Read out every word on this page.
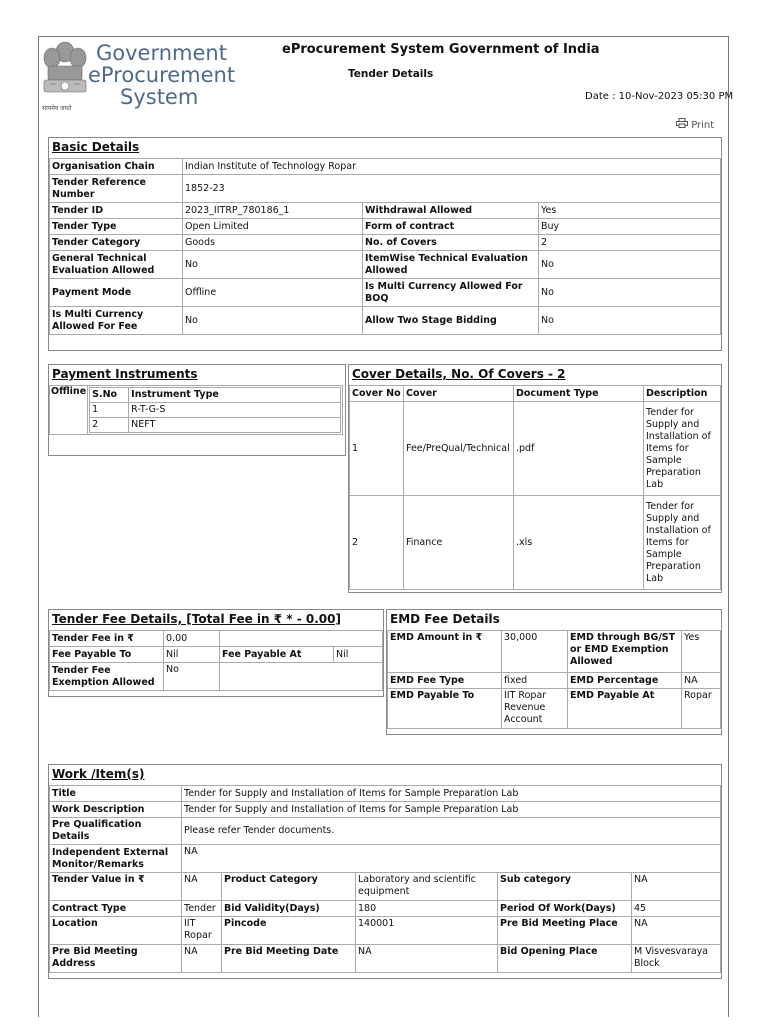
सत्यमेव जयते
Government
eProcurement
System
eProcurement System Government of India
Tender Details
Date : 10-Nov-2023 05:30 PM
Print
Basic Details
Organisation Chain	Indian Institute of Technology Ropar		
Tender Reference Number	1852-23		
Tender ID	2023_IITRP_780186_1	Withdrawal Allowed	Yes
Tender Type	Open Limited	Form of contract	Buy
Tender Category	Goods	No. of Covers	2
General Technical Evaluation Allowed	No	ItemWise Technical Evaluation Allowed	No
Payment Mode	Offline	Is Multi Currency Allowed For BOQ	No
Is Multi Currency Allowed For Fee	No	Allow Two Stage Bidding	No
Payment Instruments
Offline	S.No	Instrument Type
1	R-T-G-S
2	NEFT
Cover Details, No. Of Covers - 2
Cover No	Cover	Document Type	Description
1	Fee/PreQual/Technical	.pdf	Tender for Supply and Installation of Items for Sample Preparation Lab
2	Finance	.xls	Tender for Supply and Installation of Items for Sample Preparation Lab
Tender Fee Details, [Total Fee in ₹ * - 0.00]
Tender Fee in ₹	0.00		
Fee Payable To	Nil	Fee Payable At	Nil
Tender Fee Exemption Allowed	No		
EMD Fee Details
EMD Amount in ₹	30,000	EMD through BG/ST or EMD Exemption Allowed	Yes
EMD Fee Type	fixed	EMD Percentage	NA
EMD Payable To	IIT Ropar Revenue Account	EMD Payable At	Ropar
Work /Item(s)
Title	Tender for Supply and Installation of Items for Sample Preparation Lab				
Work Description	Tender for Supply and Installation of Items for Sample Preparation Lab				
Pre Qualification Details	Please refer Tender documents.				
Independent External Monitor/Remarks	NA				
Tender Value in ₹	NA	Product Category	Laboratory and scientific equipment	Sub category	NA
Contract Type	Tender	Bid Validity(Days)	180	Period Of Work(Days)	45
Location	IIT Ropar	Pincode	140001	Pre Bid Meeting Place	NA
Pre Bid Meeting Address	NA	Pre Bid Meeting Date	NA	Bid Opening Place	M Visvesvaraya Block
